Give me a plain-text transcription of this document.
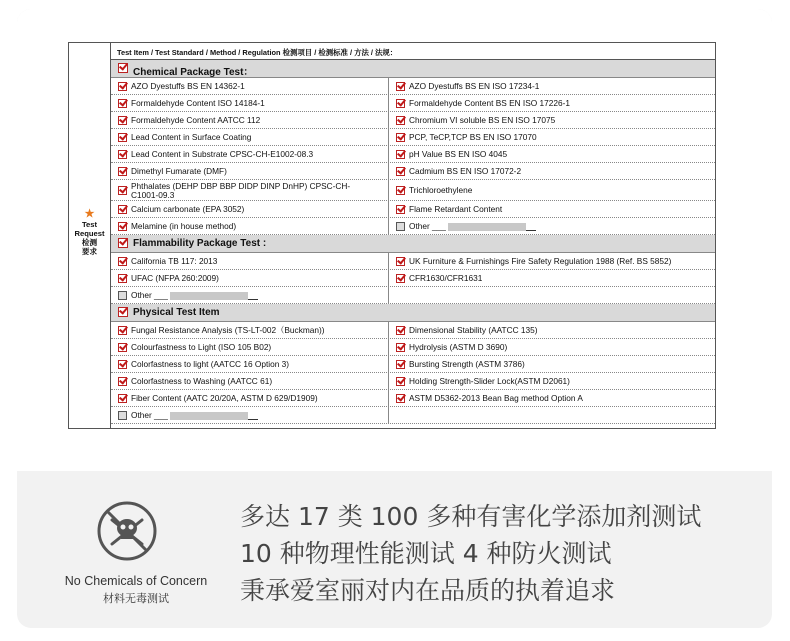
★
Test
Request
检测
要求
Test Item / Test Standard / Method / Regulation 检测项目 / 检测标准 / 方法 / 法规：
Chemical Package Test：
AZO Dyestuffs BS EN 14362-1	AZO Dyestuffs BS EN ISO 17234-1
Formaldehyde Content ISO 14184-1	Formaldehyde Content BS EN ISO 17226-1
Formaldehyde Content AATCC 112	Chromium VI soluble BS EN ISO 17075
Lead Content in Surface Coating	PCP, TeCP,TCP BS EN ISO 17070
Lead Content in Substrate CPSC-CH-E1002-08.3	pH Value BS EN ISO 4045
Dimethyl Fumarate (DMF)	Cadmium BS EN ISO 17072-2
Phthalates (DEHP DBP BBP DIDP DINP DnHP) CPSC-CH-
C1001-09.3	Trichloroethylene
Calcium carbonate (EPA 3052)	Flame Retardant Content
Melamine (in house method)	Other ___
Flammability Package Test :
California TB 117: 2013	UK Furniture & Furnishings Fire Safety Regulation 1988 (Ref. BS 5852)
UFAC (NFPA 260:2009)	CFR1630/CFR1631
Other ___
Physical Test Item
Fungal Resistance Analysis (TS-LT-002（Buckman))	Dimensional Stability (AATCC 135)
Colourfastness to Light (ISO 105 B02)	Hydrolysis (ASTM D 3690)
Colorfastness to light (AATCC 16 Option 3)	Bursting Strength (ASTM 3786)
Colorfastness to Washing (AATCC 61)	Holding Strength-Slider Lock(ASTM D2061)
Fiber Content (AATC 20/20A, ASTM D 629/D1909)	ASTM D5362-2013 Bean Bag method Option A
Other ___
No Chemicals of Concern
材料无毒测试
多达 17 类 100 多种有害化学添加剂测试
10 种物理性能测试 4 种防火测试
秉承爱室丽对内在品质的执着追求
